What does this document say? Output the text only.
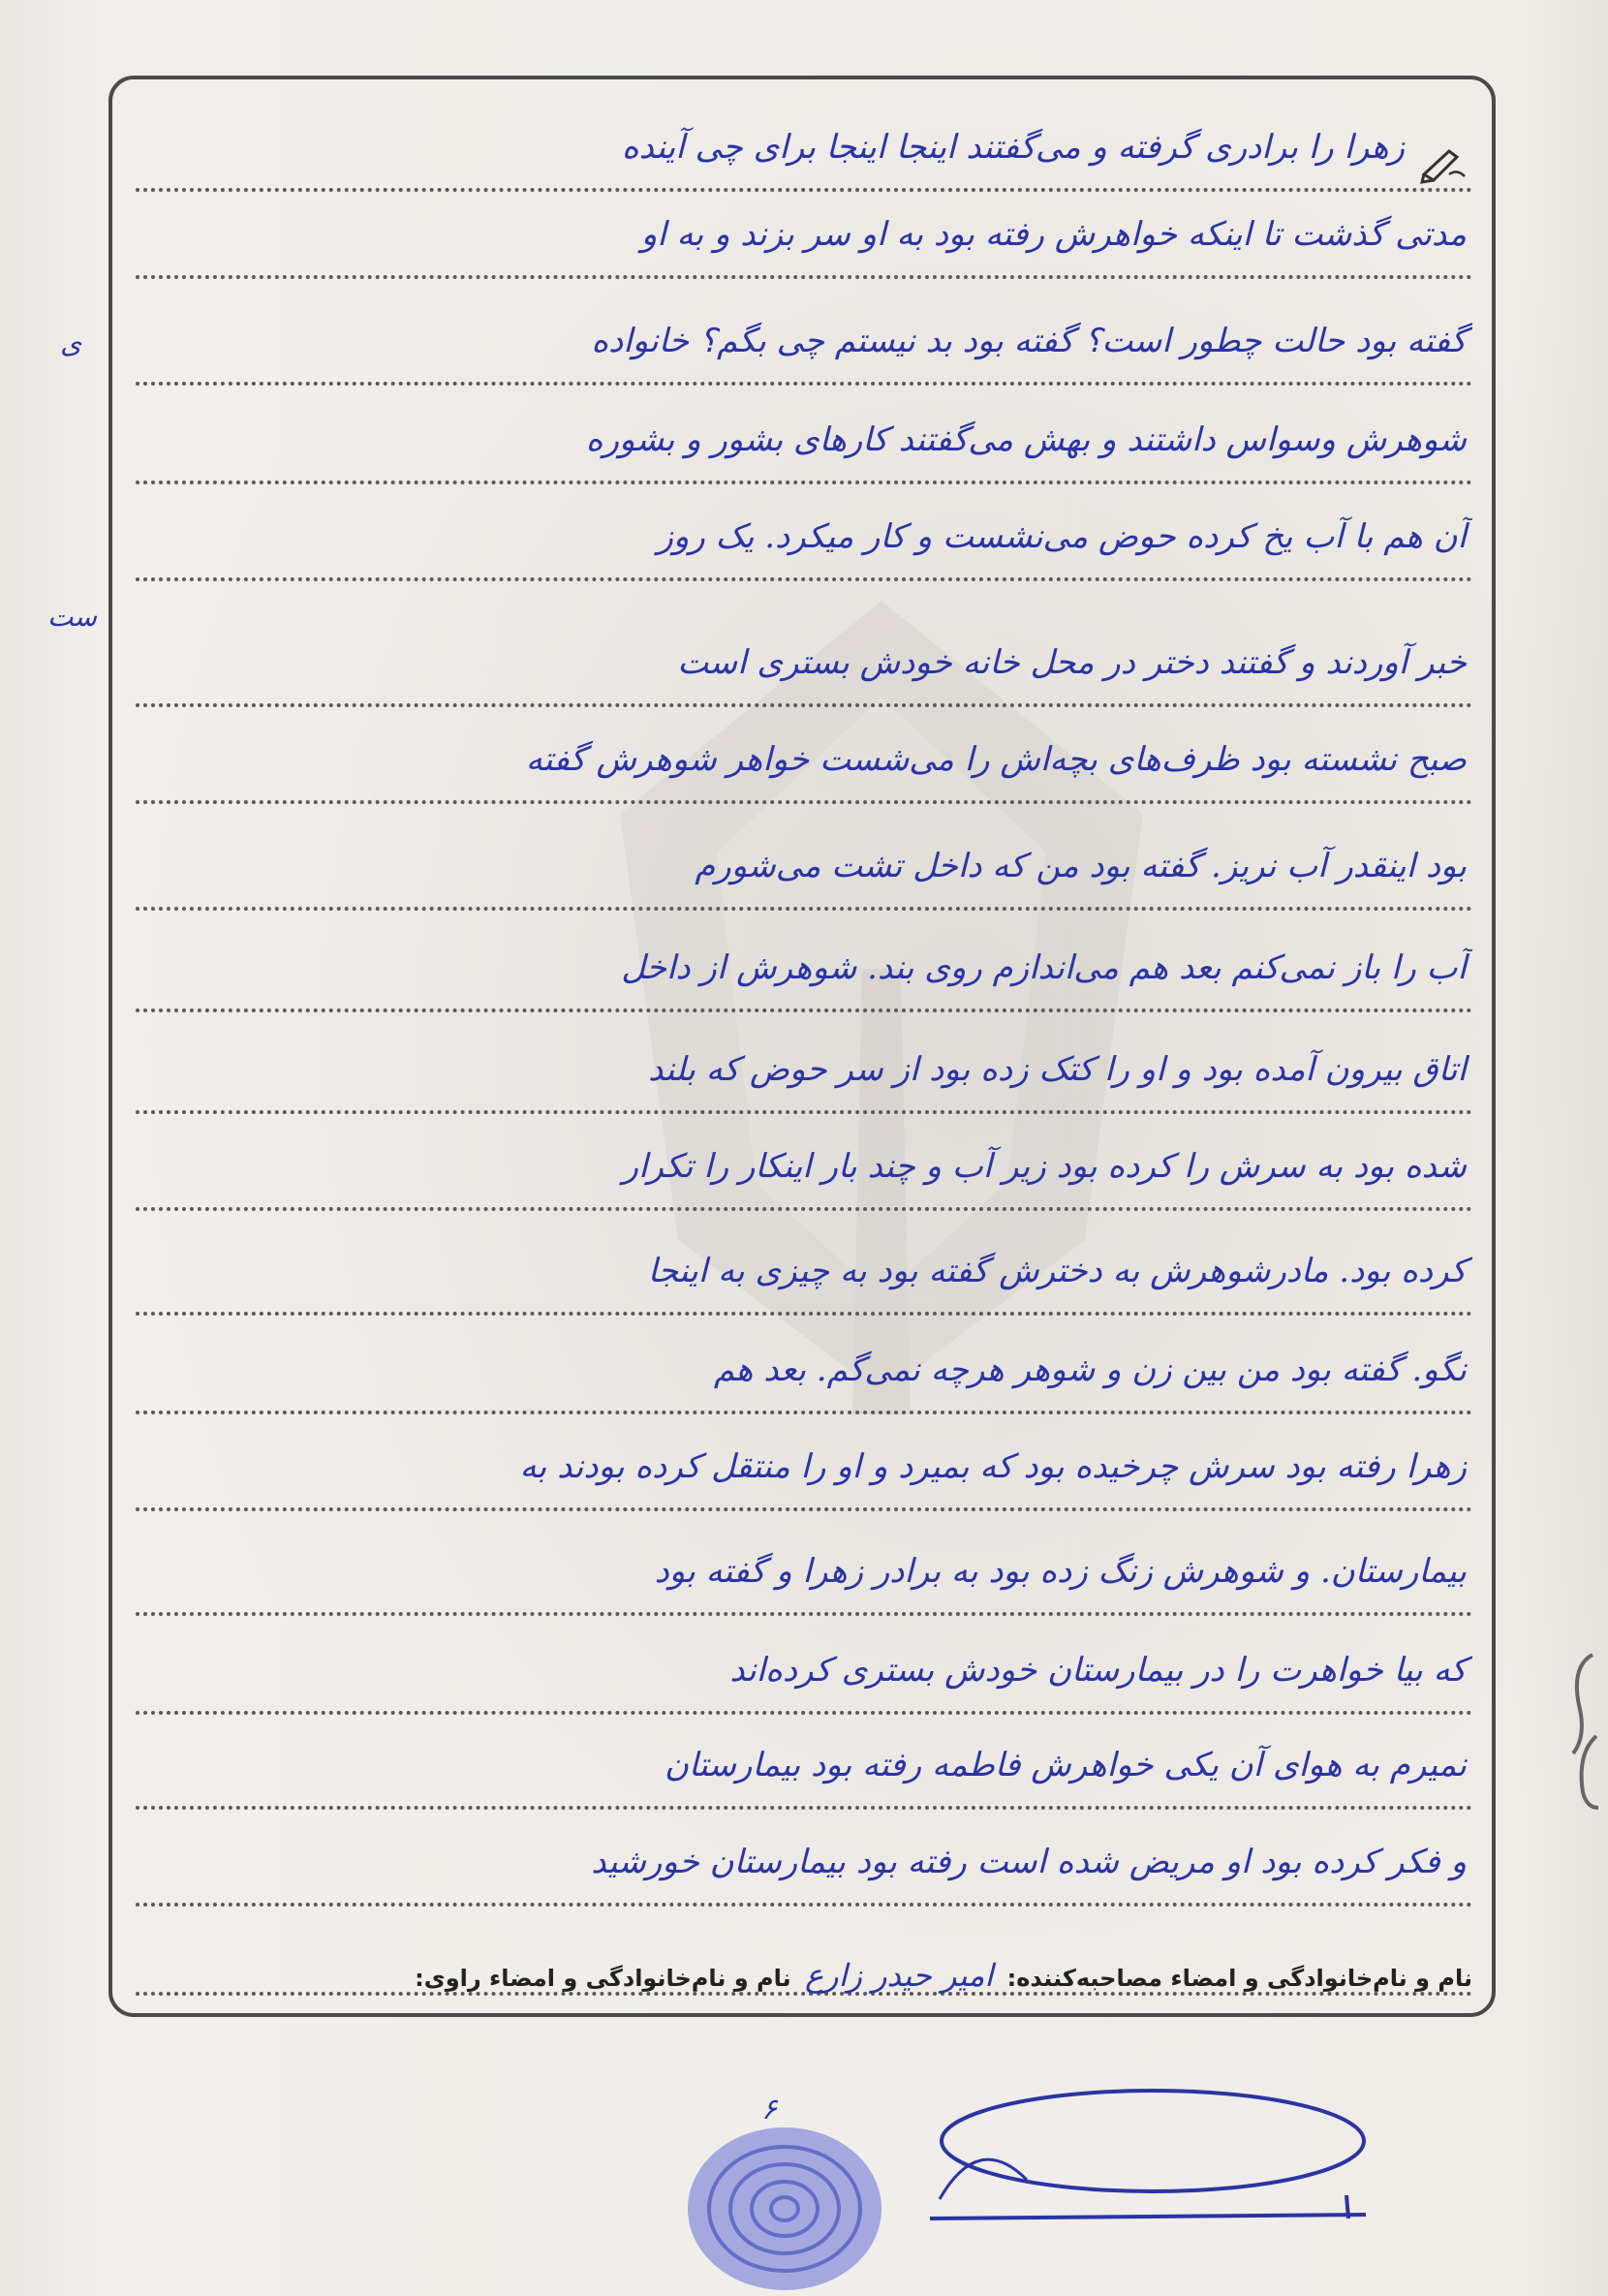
زهرا را برادری گرفته و می‌گفتند اینجا اینجا برای چی آینده
مدتی گذشت تا اینکه خواهرش رفته بود به او سر بزند و به او
گفته بود حالت چطور است؟ گفته بود بد نیستم چی بگم؟ خانواده
شوهرش وسواس داشتند و بهش می‌گفتند کارهای بشور و بشوره
آن هم با آب یخ کرده حوض می‌نشست و کار میکرد. یک روز
خبر آوردند و گفتند دختر در محل خانه خودش بستری است
صبح نشسته بود ظرف‌های بچه‌اش را می‌شست خواهر شوهرش گفته
بود اینقدر آب نریز. گفته بود من که داخل تشت می‌شورم
آب را باز نمی‌کنم بعد هم می‌اندازم روی بند. شوهرش از داخل
اتاق بیرون آمده بود و او را کتک زده بود از سر حوض که بلند
شده بود به سرش را کرده بود زیر آب و چند بار اینکار را تکرار
کرده بود. مادرشوهرش به دخترش گفته بود به چیزی به اینجا
نگو. گفته بود من بین زن و شوهر هرچه نمی‌گم. بعد هم
زهرا رفته بود سرش چرخیده بود که بمیرد و او را منتقل کرده بودند به
بیمارستان. و شوهرش زنگ زده بود به برادر زهرا و گفته بود
که بیا خواهرت را در بیمارستان خودش بستری کرده‌اند
نمیرم به هوای آن یکی خواهرش فاطمه رفته بود بیمارستان
و فکر کرده بود او مریض شده است رفته بود بیمارستان خورشید
ی
ست
نام و نام‌خانوادگی و امضاء مصاحبه‌کننده: امیر حیدر زارع نام و نام‌خانوادگی و امضاء راوی:
۶
